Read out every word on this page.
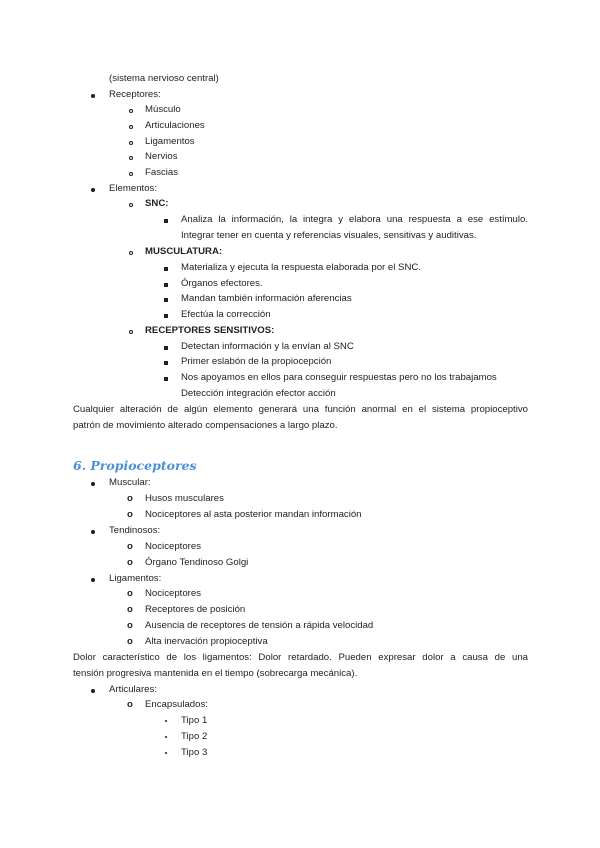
(sistema nervioso central)
Receptores:
Músculo
Articulaciones
Ligamentos
Nervios
Fascias
Elementos:
SNC:
Analiza la información, la integra y elabora una respuesta a ese estímulo.
Integrar tener en cuenta y referencias visuales, sensitivas y auditivas.
MUSCULATURA:
Materializa y ejecuta la respuesta elaborada por el SNC.
Órganos efectores.
Mandan también información aferencias
Efectúa la corrección
RECEPTORES SENSITIVOS:
Detectan información y la envían al SNC
Primer eslabón de la propiocepción
Nos apoyamos en ellos para conseguir respuestas pero no los trabajamos
Detección integración efector acción
Cualquier alteración de algún elemento generará una función anormal en el sistema propioceptivo
patrón de movimiento alterado compensaciones a largo plazo.
6. Propioceptores
Muscular:
o Husos musculares
o Nociceptores al asta posterior mandan información
Tendinosos:
o Nociceptores
o Órgano Tendinoso Golgi
Ligamentos:
o Nociceptores
o Receptores de posición
o Ausencia de receptores de tensión a rápida velocidad
o Alta inervación propioceptiva
Dolor característico de los ligamentos: Dolor retardado. Pueden expresar dolor a causa de una
tensión progresiva mantenida en el tiempo (sobrecarga mecánica).
Articulares:
o Encapsulados:
Tipo 1
Tipo 2
Tipo 3
